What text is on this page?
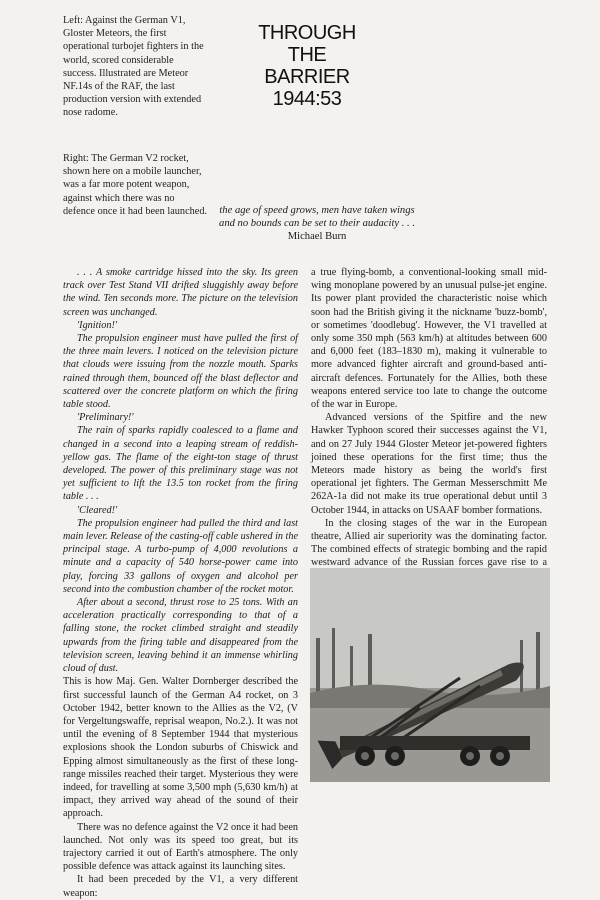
Left: Against the German V1, Gloster Meteors, the first operational turbojet fighters in the world, scored considerable success. Illustrated are Meteor NF.14s of the RAF, the last production version with extended nose radome.
Right: The German V2 rocket, shown here on a mobile launcher, was a far more potent weapon, against which there was no defence once it had been launched.
THROUGH
THE
BARRIER
1944:53
the age of speed grows, men have taken wings
and no bounds can be set to their audacity . . .
Michael Burn

. . . A smoke cartridge hissed into the sky. Its green track over Test Stand VII drifted sluggishly away before the wind. Ten seconds more. The picture on the television screen was unchanged.

'Ignition!'

The propulsion engineer must have pulled the first of the three main levers. I noticed on the television picture that clouds were issuing from the nozzle mouth. Sparks rained through them, bounced off the blast deflector and scattered over the concrete platform on which the firing table stood.

'Preliminary!'

The rain of sparks rapidly coalesced to a flame and changed in a second into a leaping stream of reddish-yellow gas. The flame of the eight-ton stage of thrust developed. The power of this preliminary stage was not yet sufficient to lift the 13.5 ton rocket from the firing table . . .

'Cleared!'

The propulsion engineer had pulled the third and last main lever. Release of the casting-off cable ushered in the principal stage. A turbo-pump of 4,000 revolutions a minute and a capacity of 540 horse-power came into play, forcing 33 gallons of oxygen and alcohol per second into the combustion chamber of the rocket motor.

After about a second, thrust rose to 25 tons. With an acceleration practically corresponding to that of a falling stone, the rocket climbed straight and steadily upwards from the firing table and disappeared from the television screen, leaving behind it an immense whirling cloud of dust.

This is how Maj. Gen. Walter Dornberger described the first successful launch of the German A4 rocket, on 3 October 1942, better known to the Allies as the V2, (V for Vergeltungswaffe, reprisal weapon, No.2.). It was not until the evening of 8 September 1944 that mysterious explosions shook the London suburbs of Chiswick and Epping almost simultaneously as the first of these long-range missiles reached their target. Mysterious they were indeed, for travelling at some 3,500 mph (5,630 km/h) at impact, they arrived way ahead of the sound of their approach.

There was no defence against the V2 once it had been launched. Not only was its speed too great, but its trajectory carried it out of Earth's atmosphere. The only possible defence was attack against its launching sites.

It had been preceded by the V1, a very different weapon:

a true flying-bomb, a conventional-looking small mid-wing monoplane powered by an unusual pulse-jet engine. Its power plant provided the characteristic noise which soon had the British giving it the nickname 'buzz-bomb', or sometimes 'doodlebug'. However, the V1 travelled at only some 350 mph (563 km/h) at altitudes between 600 and 6,000 feet (183–1830 m), making it vulnerable to more advanced fighter aircraft and ground-based anti-aircraft defences. Fortunately for the Allies, both these weapons entered service too late to change the outcome of the war in Europe.

Advanced versions of the Spitfire and the new Hawker Typhoon scored their successes against the V1, and on 27 July 1944 Gloster Meteor jet-powered fighters joined these operations for the first time; thus the Meteors made history as being the world's first operational jet fighters. The German Messerschmitt Me 262A-1a did not make its true operational debut until 3 October 1944, in attacks on USAAF bomber formations.

In the closing stages of the war in the European theatre, Allied air superiority was the dominating factor. The combined effects of strategic bombing and the rapid westward advance of the Russian forces gave rise to a
